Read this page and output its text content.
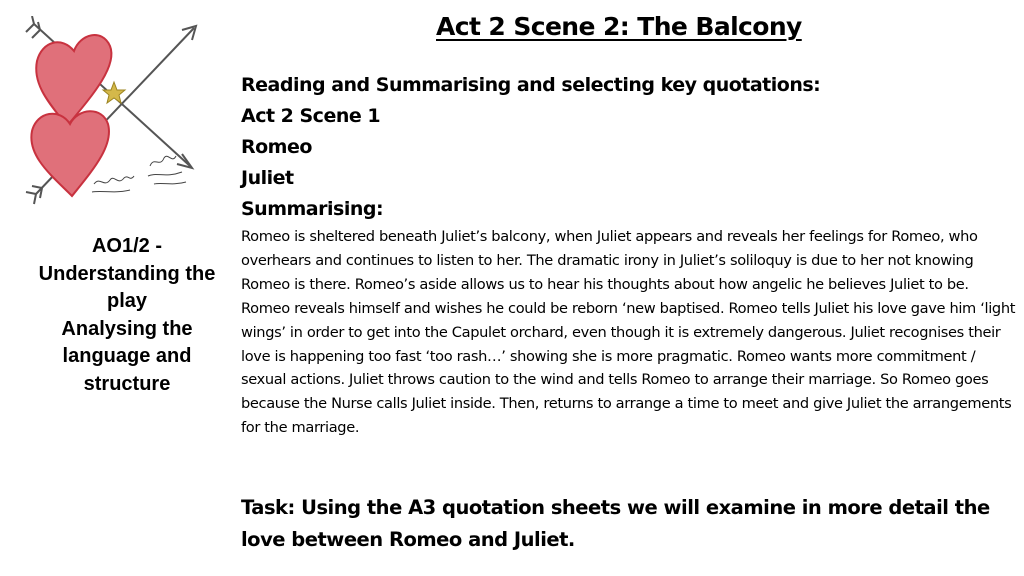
Act 2 Scene 2: The Balcony
AO1/2 -
Understanding the
play
Analysing the
language and
structure
Reading and Summarising and selecting key quotations:
Act 2 Scene 1
Romeo
Juliet
Summarising:
Romeo is sheltered beneath Juliet’s balcony, when Juliet appears and reveals her feelings for Romeo, who overhears and continues to listen to her. The dramatic irony in Juliet’s soliloquy is due to her not knowing Romeo is there. Romeo’s aside allows us to hear his thoughts about how angelic he believes Juliet to be. Romeo reveals himself and wishes he could be reborn ‘new baptised. Romeo tells Juliet his love gave him ‘light wings’ in order to get into the Capulet orchard, even though it is extremely dangerous. Juliet recognises their love is happening too fast ‘too rash…’ showing she is more pragmatic. Romeo wants more commitment / sexual actions. Juliet throws caution to the wind and tells Romeo to arrange their marriage. So Romeo goes because the Nurse calls Juliet inside. Then, returns to arrange a time to meet and give Juliet the arrangements for the marriage.
Task: Using the A3 quotation sheets we will examine in more detail the love between Romeo and Juliet.
